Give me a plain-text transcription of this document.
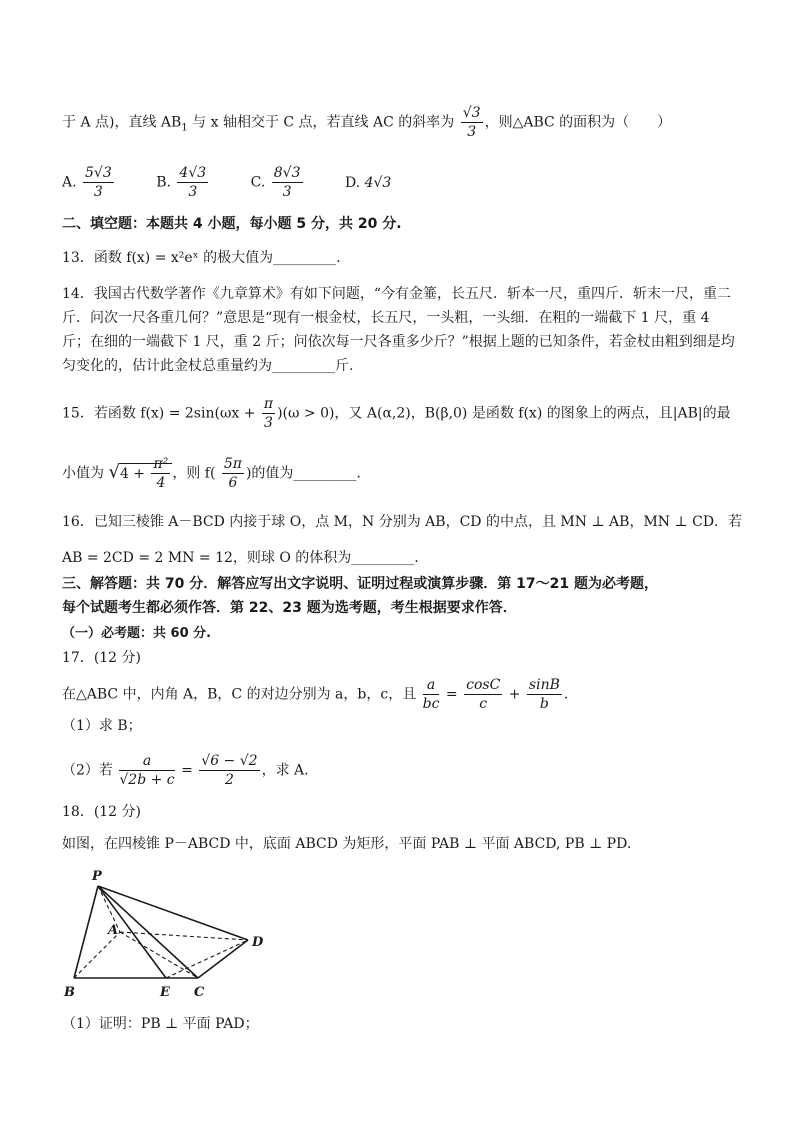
于 A 点)，直线 $AB_1$ 与 x 轴相交于 C 点，若直线 AC 的斜率为 $\frac{√3}{3}$ ，则△ABC 的面积为（　　）
A. $\frac{5√3}{3}$	B. $\frac{4√3}{3}$	C. $\frac{8√3}{3}$	D. 4√3
二、填空题：本题共 4 小题，每小题 5 分，共 20 分.
13．函数 f(x) = x²eˣ 的极大值为_________.
14．我国古代数学著作《九章算术》有如下问题，“今有金箠，长五尺．斩本一尺，重四斤．斩末一尺，重二
斤．问次一尺各重几何？”意思是“现有一根金杖，长五尺，一头粗，一头细．在粗的一端截下 1 尺，重 4
斤；在细的一端截下 1 尺，重 2 斤；问依次每一尺各重多少斤？”根据上题的已知条件，若金杖由粗到细是均
匀变化的，估计此金杖总重量约为_________斤.
15．若函数 $f(x) = 2\sin(\omega x + \frac{\pi}{3} )(\omega > 0)$，又 A(α,2)，B(β,0) 是函数 f(x) 的图象上的两点，且|AB|的最
小值为 $√4 + \frac{\text{π²}}{4}$ ，则 $f( \frac{5\pi}{6}$ )的值为_________.
16．已知三棱锥 A－BCD 内接于球 O，点 M，N 分别为 AB，CD 的中点，且 MN ⊥ AB，MN ⊥ CD．若
AB = 2CD = 2 MN = 12，则球 O 的体积为_________.
三、解答题：共 70 分．解答应写出文字说明、证明过程或演算步骤．第 17～21 题为必考题，
每个试题考生都必须作答．第 22、23 题为选考题，考生根据要求作答．
（一）必考题：共 60 分.
17．(12 分)
在△ABC 中，内角 A，B，C 的对边分别为 a，b，c，且 $\frac{a}{bc} = \frac{\cos C}{c} + \frac{\sin B}{b}$ .
（1）求 B；
（2）若 $\frac{a}{√2b + c} = \frac{√6 - √2}{2}$ ，求 A.
18．(12 分)
如图，在四棱锥 P－ABCD 中，底面 ABCD 为矩形，平面 PAB ⊥ 平面 ABCD, PB ⊥ PD.
P
A
B	E C
D
（1）证明：PB ⊥ 平面 PAD；
